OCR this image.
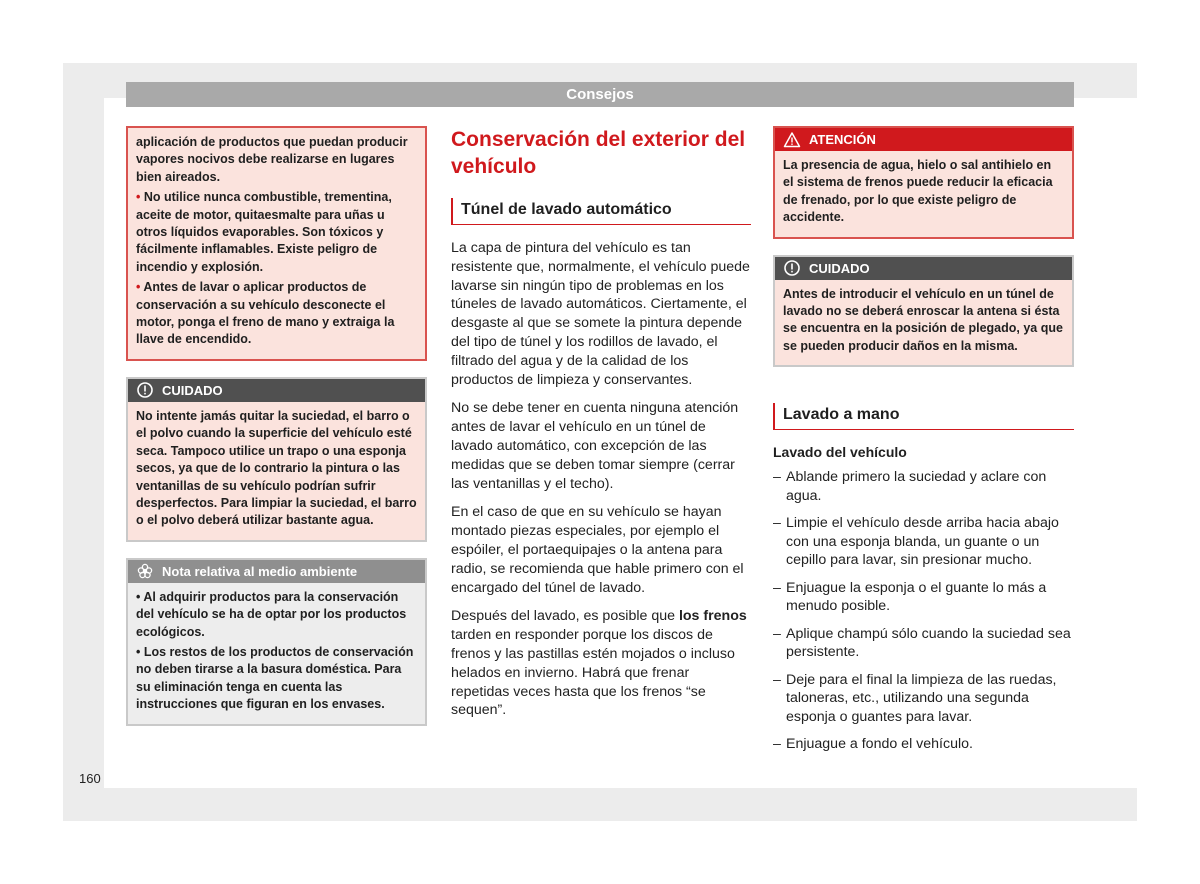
Consejos

aplicación de productos que puedan producir vapores nocivos debe realizarse en lugares bien aireados.

• No utilice nunca combustible, trementina, aceite de motor, quitaesmalte para uñas u otros líquidos evaporables. Son tóxicos y fácilmente inflamables. Existe peligro de incendio y explosión.

• Antes de lavar o aplicar productos de conservación a su vehículo desconecte el motor, ponga el freno de mano y extraiga la llave de encendido.

CUIDADO

No intente jamás quitar la suciedad, el barro o el polvo cuando la superficie del vehículo esté seca. Tampoco utilice un trapo o una esponja secos, ya que de lo contrario la pintura o las ventanillas de su vehículo podrían sufrir desperfectos. Para limpiar la suciedad, el barro o el polvo deberá utilizar bastante agua.

Nota relativa al medio ambiente

• Al adquirir productos para la conservación del vehículo se ha de optar por los productos ecológicos.

• Los restos de los productos de conservación no deben tirarse a la basura doméstica. Para su eliminación tenga en cuenta las instrucciones que figuran en los envases.

Conservación del exterior del vehículo
Túnel de lavado automático

La capa de pintura del vehículo es tan resistente que, normalmente, el vehículo puede lavarse sin ningún tipo de problemas en los túneles de lavado automáticos. Ciertamente, el desgaste al que se somete la pintura depende del tipo de túnel y los rodillos de lavado, el filtrado del agua y de la calidad de los productos de limpieza y conservantes.

No se debe tener en cuenta ninguna atención antes de lavar el vehículo en un túnel de lavado automático, con excepción de las medidas que se deben tomar siempre (cerrar las ventanillas y el techo).

En el caso de que en su vehículo se hayan montado piezas especiales, por ejemplo el espóiler, el portaequipajes o la antena para radio, se recomienda que hable primero con el encargado del túnel de lavado.

Después del lavado, es posible que los frenos tarden en responder porque los discos de frenos y las pastillas estén mojados o incluso helados en invierno. Habrá que frenar repetidas veces hasta que los frenos “se sequen”.

ATENCIÓN

La presencia de agua, hielo o sal antihielo en el sistema de frenos puede reducir la eficacia de frenado, por lo que existe peligro de accidente.

CUIDADO

Antes de introducir el vehículo en un túnel de lavado no se deberá enroscar la antena si ésta se encuentra en la posición de plegado, ya que se pueden producir daños en la misma.

Lavado a mano
Lavado del vehículo
– Ablande primero la suciedad y aclare con agua.
– Limpie el vehículo desde arriba hacia abajo con una esponja blanda, un guante o un cepillo para lavar, sin presionar mucho.
– Enjuague la esponja o el guante lo más a menudo posible.
– Aplique champú sólo cuando la suciedad sea persistente.
– Deje para el final la limpieza de las ruedas, taloneras, etc., utilizando una segunda esponja o guantes para lavar.
– Enjuague a fondo el vehículo.
160
